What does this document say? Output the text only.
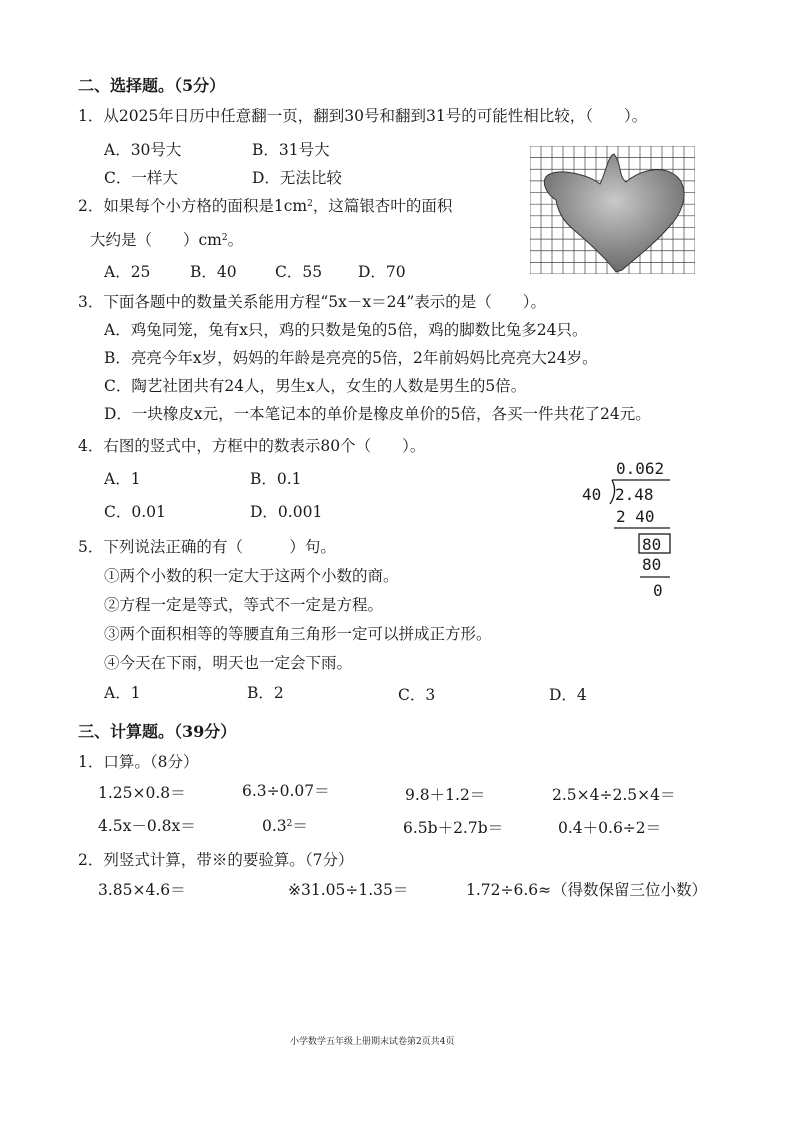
二、选择题。（5分）
1．从2025年日历中任意翻一页，翻到30号和翻到31号的可能性相比较，（　　）。
A．30号大	B．31号大
C．一样大	D．无法比较
2．如果每个小方格的面积是$1cm^2$，这篇银杏叶的面积
大约是（　　）$cm^2$。
A．25	B．40 C．55 D．70
3．下面各题中的数量关系能用方程“5x－x＝24”表示的是（　　）。
A．鸡兔同笼，兔有x只，鸡的只数是兔的5倍，鸡的脚数比兔多24只。
B．亮亮今年x岁，妈妈的年龄是亮亮的5倍，2年前妈妈比亮亮大24岁。
C．陶艺社团共有24人，男生x人，女生的人数是男生的5倍。
D．一块橡皮x元，一本笔记本的单价是橡皮单价的5倍，各买一件共花了24元。
4．右图的竖式中，方框中的数表示80个（　　）。
A．1	B．0.1
C．0.01	D．0.001
0.062
40 2.48
2 40
80
80
0
5．下列说法正确的有（　　　）句。
①两个小数的积一定大于这两个小数的商。
②方程一定是等式，等式不一定是方程。
③两个面积相等的等腰直角三角形一定可以拼成正方形。
④今天在下雨，明天也一定会下雨。
A．1	B．2	C．3	D．4
三、计算题。（39分）
1．口算。（8分）
1.25×0.8＝	6.3÷0.07＝	9.8＋1.2＝	2.5×4÷2.5×4＝
4.5x－0.8x＝	$0.3^2=$	6.5b＋2.7b＝	0.4＋0.6÷2＝
2．列竖式计算，带※的要验算。（7分）
3.85×4.6＝	※31.05÷1.35＝	1.72÷6.6≈ （得数保留三位小数）
小学数学五年级上册期末试卷第2页共4页
